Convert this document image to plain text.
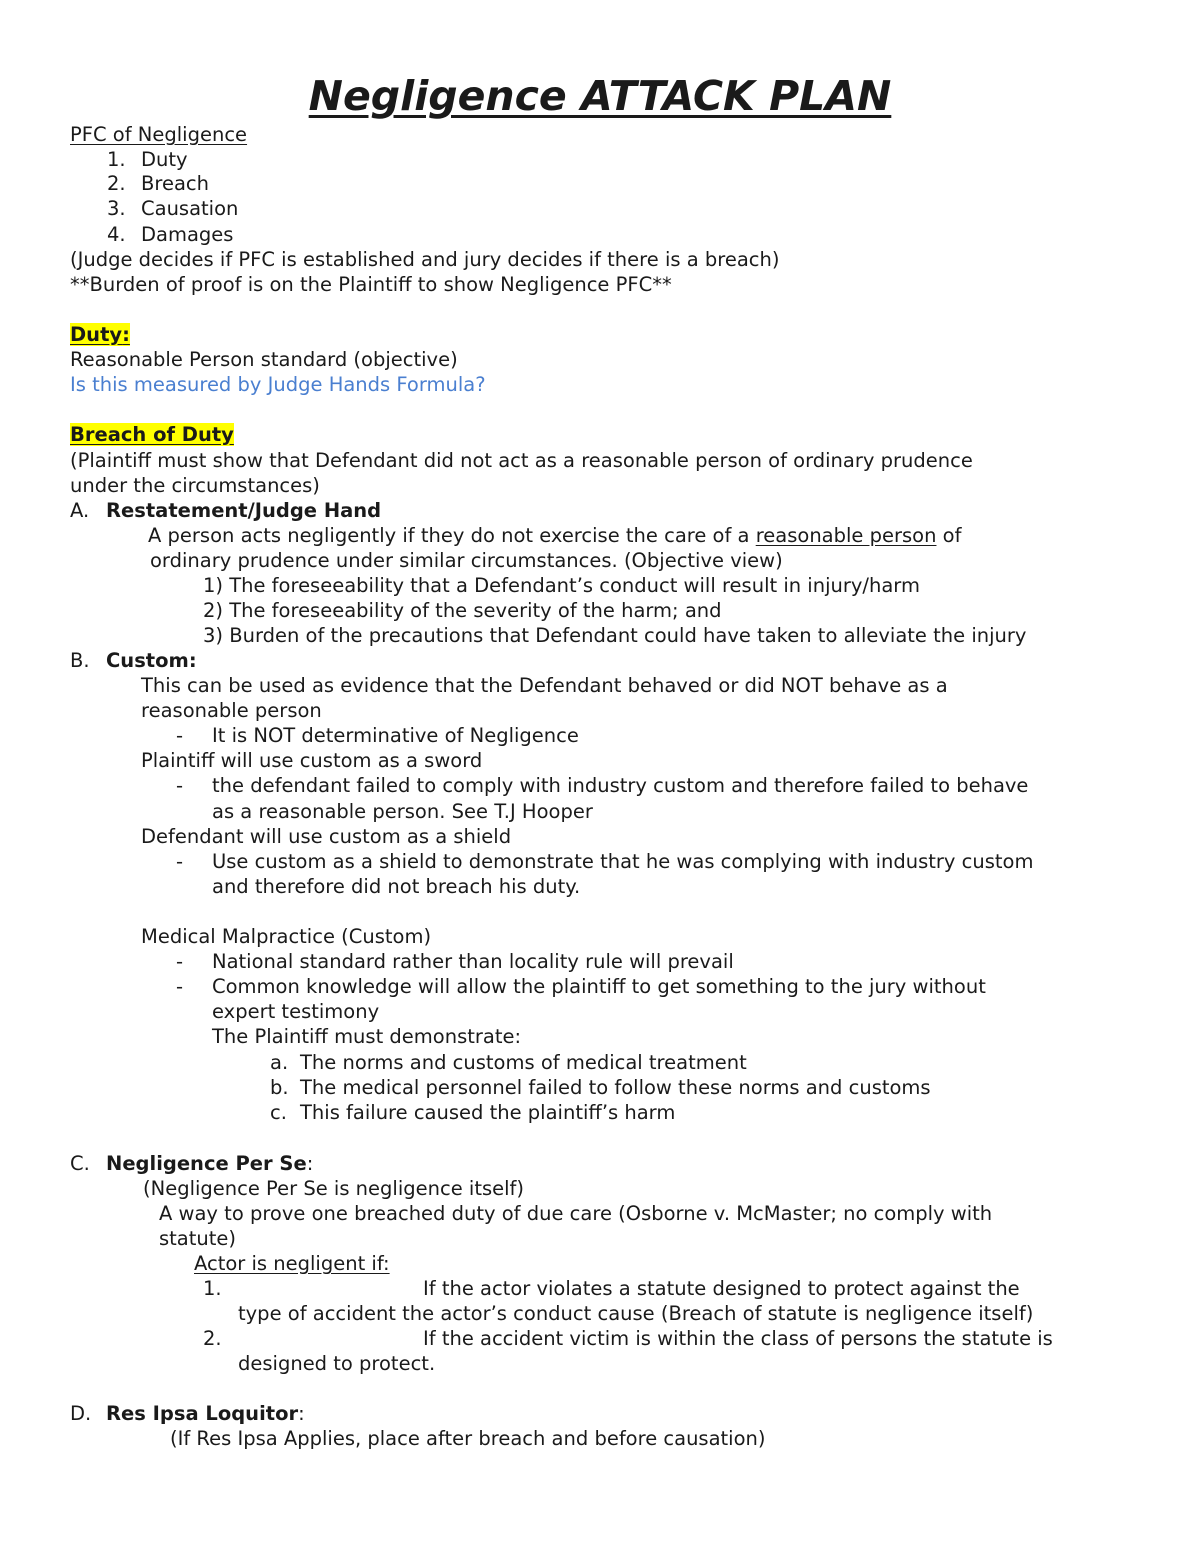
Negligence ATTACK PLAN
PFC of Negligence
1. Duty
2. Breach
3. Causation
4. Damages
(Judge decides if PFC is established and jury decides if there is a breach)
**Burden of proof is on the Plaintiff to show Negligence PFC**
Duty:
Reasonable Person standard (objective)
Is this measured by Judge Hands Formula?
Breach of Duty
(Plaintiff must show that Defendant did not act as a reasonable person of ordinary prudence
under the circumstances)
A. Restatement/Judge Hand
A person acts negligently if they do not exercise the care of a reasonable person of
ordinary prudence under similar circumstances. (Objective view)
1) The foreseeability that a Defendant’s conduct will result in injury/harm
2) The foreseeability of the severity of the harm; and
3) Burden of the precautions that Defendant could have taken to alleviate the injury
B. Custom:
This can be used as evidence that the Defendant behaved or did NOT behave as a
reasonable person
- It is NOT determinative of Negligence
Plaintiff will use custom as a sword
- the defendant failed to comply with industry custom and therefore failed to behave
as a reasonable person. See T.J Hooper
Defendant will use custom as a shield
- Use custom as a shield to demonstrate that he was complying with industry custom
and therefore did not breach his duty.
Medical Malpractice (Custom)
- National standard rather than locality rule will prevail
- Common knowledge will allow the plaintiff to get something to the jury without
expert testimony
The Plaintiff must demonstrate:
a. The norms and customs of medical treatment
b. The medical personnel failed to follow these norms and customs
c. This failure caused the plaintiff’s harm
C. Negligence Per Se:
(Negligence Per Se is negligence itself)
A way to prove one breached duty of due care (Osborne v. McMaster; no comply with
statute)
Actor is negligent if:
1.	If the actor violates a statute designed to protect against the
type of accident the actor’s conduct cause (Breach of statute is negligence itself)
2.	If the accident victim is within the class of persons the statute is
designed to protect.
D. Res Ipsa Loquitor:
(If Res Ipsa Applies, place after breach and before causation)
